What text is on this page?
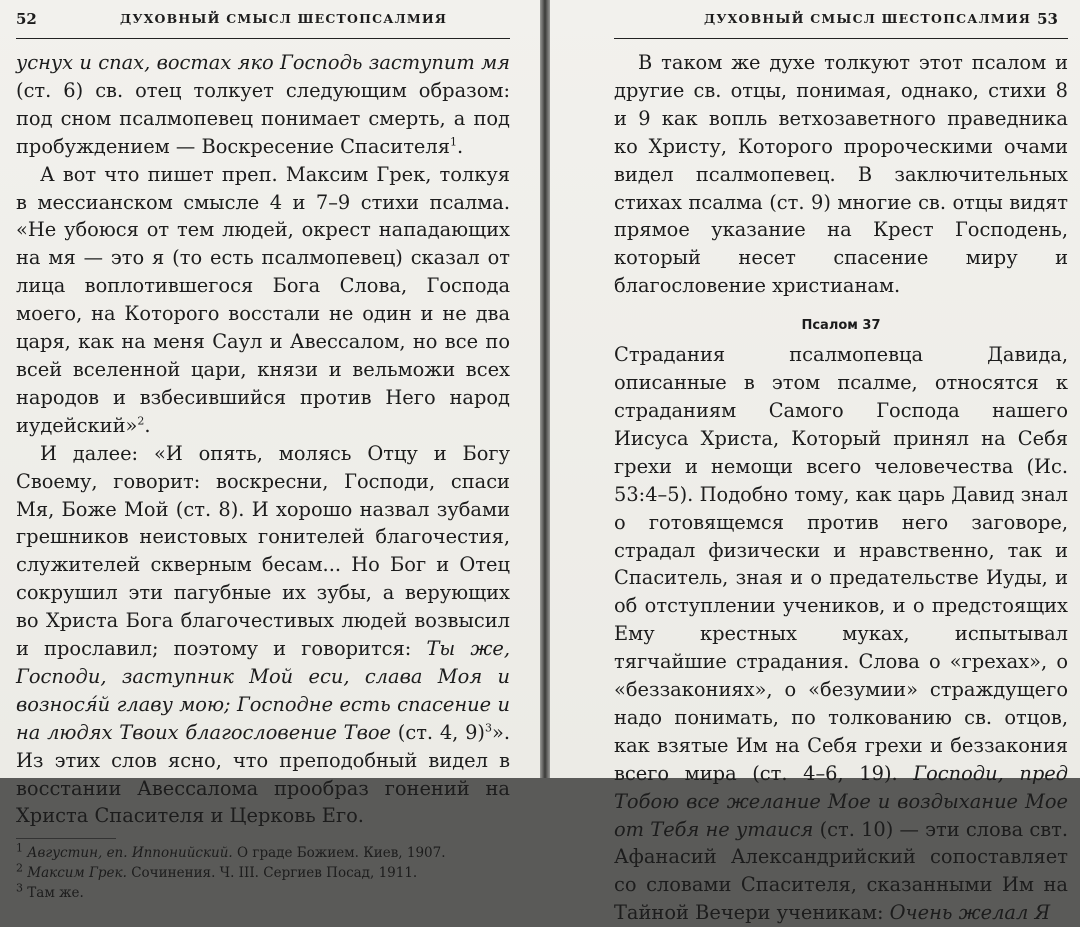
52	ДУХОВНЫЙ СМЫСЛ ШЕСТОПСАЛМИЯ

уснух и спах, востах яко Господь заступит мя (ст. 6) св. отец толкует следующим образом: под сном псалмопевец понимает смерть, а под пробуждением — Воскресение Спасителя$^1$.

А вот что пишет преп. Максим Грек, толкуя в мессианском смысле 4 и 7–9 стихи псалма. «Не убоюся от тем людей, окрест нападающих на мя — это я (то есть псалмопевец) сказал от лица воплотившегося Бога Слова, Господа моего, на Которого восстали не один и не два царя, как на меня Саул и Авессалом, но все по всей вселенной цари, князи и вельможи всех народов и взбесившийся против Него народ иудейский»$^2$.

И далее: «И опять, молясь Отцу и Богу Своему, говорит: воскресни, Господи, спаси Мя, Боже Мой (ст. 8). И хорошо назвал зубами грешников неистовых гонителей благочестия, служителей скверным бесам... Но Бог и Отец сокрушил эти пагубные их зубы, а верующих во Христа Бога благочестивых людей возвысил и прославил; поэтому и говорится: Ты же, Господи, заступник Мой еси, слава Моя и вознося́й главу мою; Господне есть спасение и на людях Твоих благословение Твое (ст. 4, 9)$^3$». Из этих слов ясно, что преподобный видел в восстании Авессалома прообраз гонений на Христа Спасителя и Церковь Его.

$^1$ Августин, еп. Иппонийский. О граде Божием. Киев, 1907.
$^2$ Максим Грек. Сочинения. Ч. III. Сергиев Посад, 1911.
$^3$ Там же.
ДУХОВНЫЙ СМЫСЛ ШЕСТОПСАЛМИЯ 53

В таком же духе толкуют этот псалом и другие св. отцы, понимая, однако, стихи 8 и 9 как вопль ветхозаветного праведника ко Христу, Которого пророческими очами видел псалмопевец. В заключительных стихах псалма (ст. 9) многие св. отцы видят прямое указание на Крест Господень, который несет спасение миру и благословение христианам.

Псалом 37

Страдания псалмопевца Давида, описанные в этом псалме, относятся к страданиям Самого Господа нашего Иисуса Христа, Который принял на Себя грехи и немощи всего человечества (Ис. 53:4–5). Подобно тому, как царь Давид знал о готовящемся против него заговоре, страдал физически и нравственно, так и Спаситель, зная и о предательстве Иуды, и об отступлении учеников, и о предстоящих Ему крестных муках, испытывал тягчайшие страдания. Слова о «грехах», о «беззакониях», о «безумии» страждущего надо понимать, по толкованию св. отцов, как взятые Им на Себя грехи и беззакония всего мира (ст. 4–6, 19). Господи, пред Тобою все желание Мое и воздыхание Мое от Тебя не утаися (ст. 10) — эти слова свт. Афанасий Александрийский сопоставляет со словами Спасителя, сказанными Им на Тайной Вечери ученикам: Очень желал Я
